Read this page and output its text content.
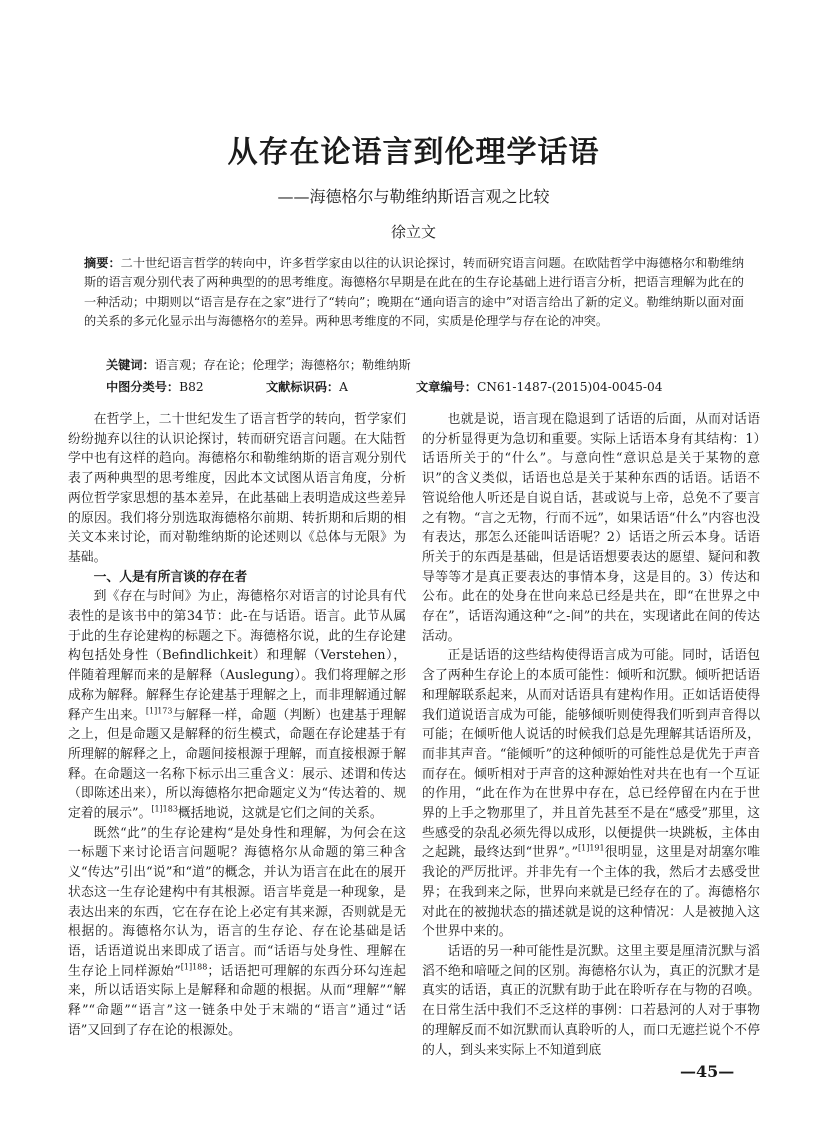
从存在论语言到伦理学话语
——海德格尔与勒维纳斯语言观之比较
徐立文
摘要：二十世纪语言哲学的转向中，许多哲学家由以往的认识论探讨，转而研究语言问题。在欧陆哲学中海德格尔和勒维纳斯的语言观分别代表了两种典型的的思考维度。海德格尔早期是在此在的生存论基础上进行语言分析，把语言理解为此在的一种活动；中期则以“语言是存在之家”进行了“转向”；晚期在“通向语言的途中”对语言给出了新的定义。勒维纳斯以面对面的关系的多元化显示出与海德格尔的差异。两种思考维度的不同，实质是伦理学与存在论的冲突。
关键词：语言观；存在论；伦理学；海德格尔；勒维纳斯
中图分类号：B82	文献标识码：A	文章编号：CN61-1487-(2015)04-0045-04

在哲学上，二十世纪发生了语言哲学的转向，哲学家们纷纷抛弃以往的认识论探讨，转而研究语言问题。在大陆哲学中也有这样的趋向。海德格尔和勒维纳斯的语言观分别代表了两种典型的思考维度，因此本文试图从语言角度，分析两位哲学家思想的基本差异，在此基础上表明造成这些差异的原因。我们将分别选取海德格尔前期、转折期和后期的相关文本来讨论，而对勒维纳斯的论述则以《总体与无限》为基础。

一、人是有所言谈的存在者

到《存在与时间》为止，海德格尔对语言的讨论具有代表性的是该书中的第34节：此-在与话语。语言。此节从属于此的生存论建构的标题之下。海德格尔说，此的生存论建构包括处身性（Befindlichkeit）和理解（Verstehen），伴随着理解而来的是解释（Auslegung）。我们将理解之形成称为解释。解释生存论建基于理解之上，而非理解通过解释产生出来。$^{[1]173}$与解释一样，命题（判断）也建基于理解之上，但是命题又是解释的衍生模式，命题在存论建基于有所理解的解释之上，命题间接根源于理解，而直接根源于解释。在命题这一名称下标示出三重含义：展示、述谓和传达（即陈述出来），所以海德格尔把命题定义为“传达着的、规定着的展示”。$^{[1]183}$概括地说，这就是它们之间的关系。

既然“此”的生存论建构“是处身性和理解，为何会在这一标题下来讨论语言问题呢？海德格尔从命题的第三种含义“传达”引出“说”和“道”的概念，并认为语言在此在的展开状态这一生存论建构中有其根源。语言毕竟是一种现象，是表达出来的东西，它在存在论上必定有其来源，否则就是无根据的。海德格尔认为，语言的生存论、存在论基础是话语，话语道说出来即成了语言。而“话语与处身性、理解在生存论上同样源始”$^{[1]188}$；话语把可理解的东西分环勾连起来，所以话语实际上是解释和命题的根据。从而“理解”“解释”“命题”“语言”这一链条中处于末端的“语言”通过“话语”又回到了存在论的根源处。

也就是说，语言现在隐退到了话语的后面，从而对话语的分析显得更为急切和重要。实际上话语本身有其结构：1）话语所关于的“什么”。与意向性“意识总是关于某物的意识”的含义类似，话语也总是关于某种东西的话语。话语不管说给他人听还是自说自话，甚或说与上帝，总免不了要言之有物。“言之无物，行而不远”，如果话语“什么”内容也没有表达，那怎么还能叫话语呢？2）话语之所云本身。话语所关于的东西是基础，但是话语想要表达的愿望、疑问和教导等等才是真正要表达的事情本身，这是目的。3）传达和公布。此在的处身在世向来总已经是共在，即“在世界之中存在”，话语沟通这种“之-间”的共在，实现诸此在间的传达活动。

正是话语的这些结构使得语言成为可能。同时，话语包含了两种生存论上的本质可能性：倾听和沉默。倾听把话语和理解联系起来，从而对话语具有建构作用。正如话语使得我们道说语言成为可能，能够倾听则使得我们听到声音得以可能；在倾听他人说话的时候我们总是先理解其话语所及，而非其声音。“能倾听”的这种倾听的可能性总是优先于声音而存在。倾听相对于声音的这种源始性对共在也有一个互证的作用，“此在作为在世界中存在，总已经停留在内在于世界的上手之物那里了，并且首先甚至不是在“感受”那里，这些感受的杂乱必须先得以成形，以便提供一块跳板，主体由之起跳，最终达到“世界”。”$^{[1]191}$很明显，这里是对胡塞尔唯我论的严厉批评。并非先有一个主体的我，然后才去感受世界；在我到来之际，世界向来就是已经存在的了。海德格尔对此在的被抛状态的描述就是说的这种情况：人是被抛入这个世界中来的。

话语的另一种可能性是沉默。这里主要是厘清沉默与滔滔不绝和喑哑之间的区别。海德格尔认为，真正的沉默才是真实的话语，真正的沉默有助于此在聆听存在与物的召唤。在日常生活中我们不乏这样的事例：口若悬河的人对于事物的理解反而不如沉默而认真聆听的人，而口无遮拦说个不停的人，到头来实际上不知道到底

—45—
